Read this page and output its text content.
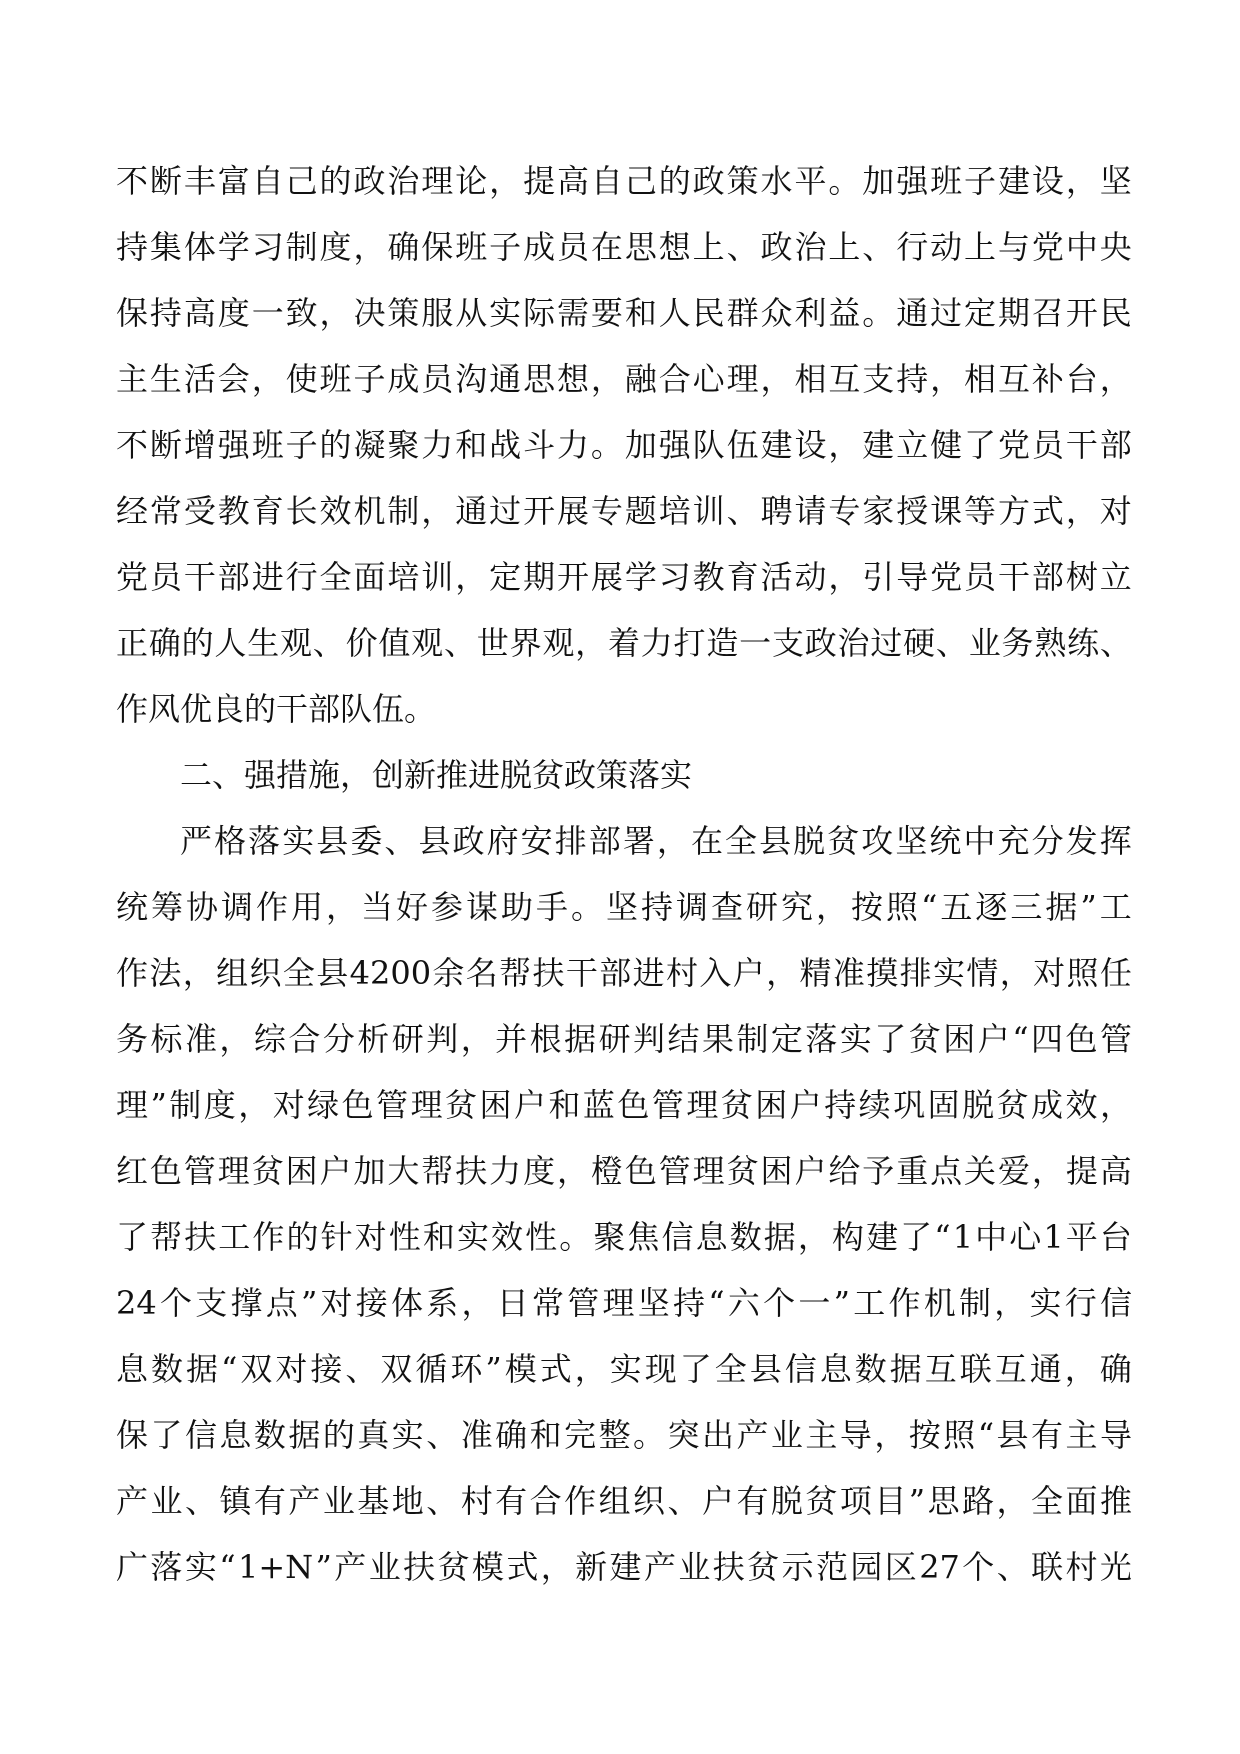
不 断 丰 富 自 己 的 政 治 理 论 ， 提 高 自 己 的 政 策 水 平 。 加 强 班 子 建 设 ， 坚
持 集 体 学 习 制 度 ， 确 保 班 子 成 员 在 思 想 上 、 政 治 上 、 行 动 上 与 党 中 央
保 持 高 度 一 致 ， 决 策 服 从 实 际 需 要 和 人 民 群 众 利 益 。 通 过 定 期 召 开 民
主 生 活 会 ， 使 班 子 成 员 沟 通 思 想 ， 融 合 心 理 ， 相 互 支 持 ， 相 互 补 台 ，
不 断 增 强 班 子 的 凝 聚 力 和 战 斗 力 。 加 强 队 伍 建 设 ， 建 立 健 了 党 员 干 部
经 常 受 教 育 长 效 机 制 ， 通 过 开 展 专 题 培 训 、 聘 请 专 家 授 课 等 方 式 ， 对
党 员 干 部 进 行 全 面 培 训 ， 定 期 开 展 学 习 教 育 活 动 ， 引 导 党 员 干 部 树 立
正 确 的 人 生 观 、 价 值 观 、 世 界 观 ， 着 力 打 造 一 支 政 治 过 硬 、 业 务 熟 练 、
作风优良的干部队伍。
二、强措施，创新推进脱贫政策落实
严 格 落 实 县 委 、 县 政 府 安 排 部 署 ， 在 全 县 脱 贫 攻 坚 统 中 充 分 发 挥
统 筹 协 调 作 用 ， 当 好 参 谋 助 手 。 坚 持 调 查 研 究 ， 按 照 “ 五 逐 三 据 ” 工
作 法 ， 组 织 全 县 4200 余 名 帮 扶 干 部 进 村 入 户 ， 精 准 摸 排 实 情 ， 对 照 任
务 标 准 ， 综 合 分 析 研 判 ， 并 根 据 研 判 结 果 制 定 落 实 了 贫 困 户 “ 四 色 管
理 ” 制 度 ， 对 绿 色 管 理 贫 困 户 和 蓝 色 管 理 贫 困 户 持 续 巩 固 脱 贫 成 效 ，
红 色 管 理 贫 困 户 加 大 帮 扶 力 度 ， 橙 色 管 理 贫 困 户 给 予 重 点 关 爱 ， 提 高
了 帮 扶 工 作 的 针 对 性 和 实 效 性 。 聚 焦 信 息 数 据 ， 构 建 了 “ 1 中 心 1 平 台
24 个 支 撑 点 ” 对 接 体 系 ， 日 常 管 理 坚 持 “ 六 个 一 ” 工 作 机 制 ， 实 行 信
息 数 据 “ 双 对 接 、 双 循 环 ” 模 式 ， 实 现 了 全 县 信 息 数 据 互 联 互 通 ， 确
保 了 信 息 数 据 的 真 实 、 准 确 和 完 整 。 突 出 产 业 主 导 ， 按 照 “ 县 有 主 导
产 业 、 镇 有 产 业 基 地 、 村 有 合 作 组 织 、 户 有 脱 贫 项 目 ” 思 路 ， 全 面 推
广 落 实 “ 1+N ” 产 业 扶 贫 模 式 ， 新 建 产 业 扶 贫 示 范 园 区 27 个 、 联 村 光
